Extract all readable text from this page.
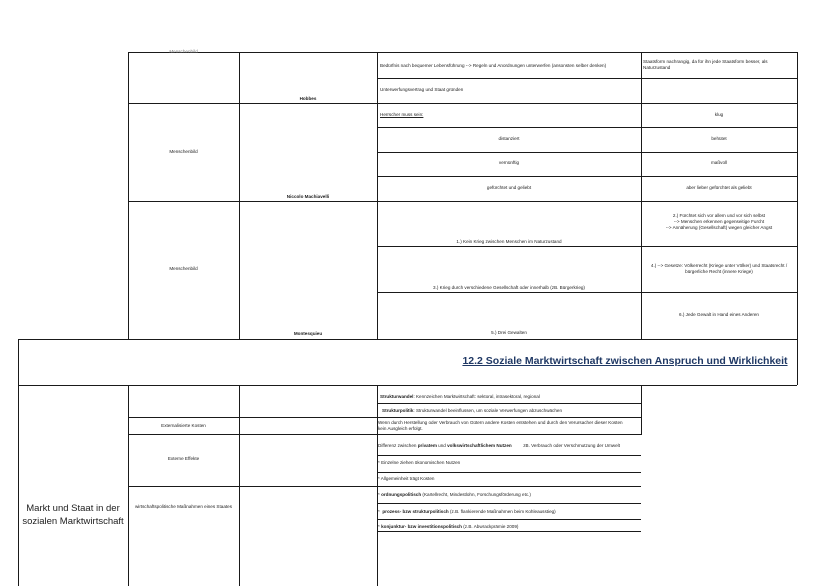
Menschenbild
Bedürfnis nach bequemer Lebensführung --> Regeln und Anordnungen unterwerfen (ansonsten selber denken)
Unterwerfungsvertrag und Staat gründen
Staatsform nachrangig, da für ihn jede Staatsform besser, als Naturzustand
Hobbes
Menschenbild
Herrscher muss sein:
distanziert
vernünftig
gefürchtet und geliebt
klug
behütet
maßvoll
aber lieber gefürchtet als geliebt
Niccolo Machiavelli
Menschenbild
1.) Kein Krieg zwischen Menschen im Naturzustand
3.) Krieg durch verschiedene Gesellschaft oder innerhalb (zB. Bürgerkrieg)
5.) Drei Gewalten
2.) Fürchtet sich vor allem und vor sich selbst
--> Menschen erkennen gegenseitige Furcht
--> Annäherung (Gesellschaft) wegen gleicher Angst
4.) --> Gesetze: Völkerrecht (Kriege unter Völker) und Staatsrecht / bürgerliche Recht (innere Kriege)
6.) Jede Gewalt in Hand eines Anderen
Montesquieu
12.2 Soziale Marktwirtschaft zwischen Anspruch und Wirklichkeit
Markt und Staat in der sozialen Marktwirtschaft
Strukturwandel: Kennzeichen Marktwirtschaft: sektoral, intrasektoral, regional
Strukturpolitik: Strukturwandel beeinflussen, um soziale Verwerfungen abzuschwächen
Externalisierte Kosten
Wenn durch Herstellung oder Verbrauch von Gütern andere Kosten entstehen und durch den Verursacher dieser Kosten
kein Ausgleich erfolgt.
Externe Effekte
Differenz zwischen privatem und volkswirtschaftlichem Nutzen         zB. Verbrauch oder Verschmutzung der Umwelt
* Einzelne ziehen ökonomischen Nutzen
* Allgemeinheit trägt Kosten
wirtschaftspolitische Maßnahmen eines Staates
* ordnungspolitisch (Kartellrecht, Mindestlohn, Forschungsförderung etc.)
*  prozess- bzw strukturpolitisch (z.B. flankierende Maßnahmen beim Kohleausstieg)
* konjunktur- bzw investitionspolitisch (z.B. Abwrackprämie 2009)
